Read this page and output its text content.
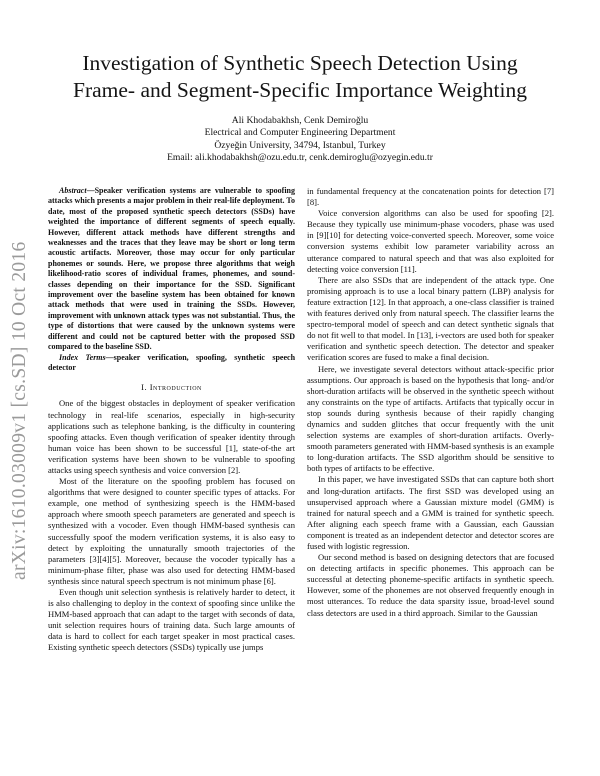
arXiv:1610.03009v1 [cs.SD] 10 Oct 2016
Investigation of Synthetic Speech Detection Using
Frame- and Segment-Specific Importance Weighting
Ali Khodabakhsh, Cenk Demiroğlu
Electrical and Computer Engineering Department
Özyeğin University, 34794, Istanbul, Turkey
Email: ali.khodabakhsh@ozu.edu.tr, cenk.demiroglu@ozyegin.edu.tr

Abstract—Speaker verification systems are vulnerable to spoofing attacks which presents a major problem in their real-life deployment. To date, most of the proposed synthetic speech detectors (SSDs) have weighted the importance of different segments of speech equally. However, different attack methods have different strengths and weaknesses and the traces that they leave may be short or long term acoustic artifacts. Moreover, those may occur for only particular phonemes or sounds. Here, we propose three algorithms that weigh likelihood-ratio scores of individual frames, phonemes, and sound-classes depending on their importance for the SSD. Significant improvement over the baseline system has been obtained for known attack methods that were used in training the SSDs. However, improvement with unknown attack types was not substantial. Thus, the type of distortions that were caused by the unknown systems were different and could not be captured better with the proposed SSD compared to the baseline SSD.

Index Terms—speaker verification, spoofing, synthetic speech detector

I. Introduction

One of the biggest obstacles in deployment of speaker verification technology in real-life scenarios, especially in high-security applications such as telephone banking, is the difficulty in countering spoofing attacks. Even though verification of speaker identity through human voice has been shown to be successful [1], state-of-the art verification systems have been shown to be vulnerable to spoofing attacks using speech synthesis and voice conversion [2].

Most of the literature on the spoofing problem has focused on algorithms that were designed to counter specific types of attacks. For example, one method of synthesizing speech is the HMM-based approach where smooth speech parameters are generated and speech is synthesized with a vocoder. Even though HMM-based synthesis can successfully spoof the modern verification systems, it is also easy to detect by exploiting the unnaturally smooth trajectories of the parameters [3][4][5]. Moreover, because the vocoder typically has a minimum-phase filter, phase was also used for detecting HMM-based synthesis since natural speech spectrum is not minimum phase [6].

Even though unit selection synthesis is relatively harder to detect, it is also challenging to deploy in the context of spoofing since unlike the HMM-based approach that can adapt to the target with seconds of data, unit selection requires hours of training data. Such large amounts of data is hard to collect for each target speaker in most practical cases. Existing synthetic speech detectors (SSDs) typically use jumps

in fundamental frequency at the concatenation points for detection [7][8].

Voice conversion algorithms can also be used for spoofing [2]. Because they typically use minimum-phase vocoders, phase was used in [9][10] for detecting voice-converted speech. Moreover, some voice conversion systems exhibit low parameter variability across an utterance compared to natural speech and that was also exploited for detecting voice conversion [11].

There are also SSDs that are independent of the attack type. One promising approach is to use a local binary pattern (LBP) analysis for feature extraction [12]. In that approach, a one-class classifier is trained with features derived only from natural speech. The classifier learns the spectro-temporal model of speech and can detect synthetic signals that do not fit well to that model. In [13], i-vectors are used both for speaker verification and synthetic speech detection. The detector and speaker verification scores are fused to make a final decision.

Here, we investigate several detectors without attack-specific prior assumptions. Our approach is based on the hypothesis that long- and/or short-duration artifacts will be observed in the synthetic speech without any constraints on the type of artifacts. Artifacts that typically occur in stop sounds during synthesis because of their rapidly changing dynamics and sudden glitches that occur frequently with the unit selection systems are examples of short-duration artifacts. Overly-smooth parameters generated with HMM-based synthesis is an example to long-duration artifacts. The SSD algorithm should be sensitive to both types of artifacts to be effective.

In this paper, we have investigated SSDs that can capture both short and long-duration artifacts. The first SSD was developed using an unsupervised approach where a Gaussian mixture model (GMM) is trained for natural speech and a GMM is trained for synthetic speech. After aligning each speech frame with a Gaussian, each Gaussian component is treated as an independent detector and detector scores are fused with logistic regression.

Our second method is based on designing detectors that are focused on detecting artifacts in specific phonemes. This approach can be successful at detecting phoneme-specific artifacts in synthetic speech. However, some of the phonemes are not observed frequently enough in most utterances. To reduce the data sparsity issue, broad-level sound class detectors are used in a third approach. Similar to the Gaussian
